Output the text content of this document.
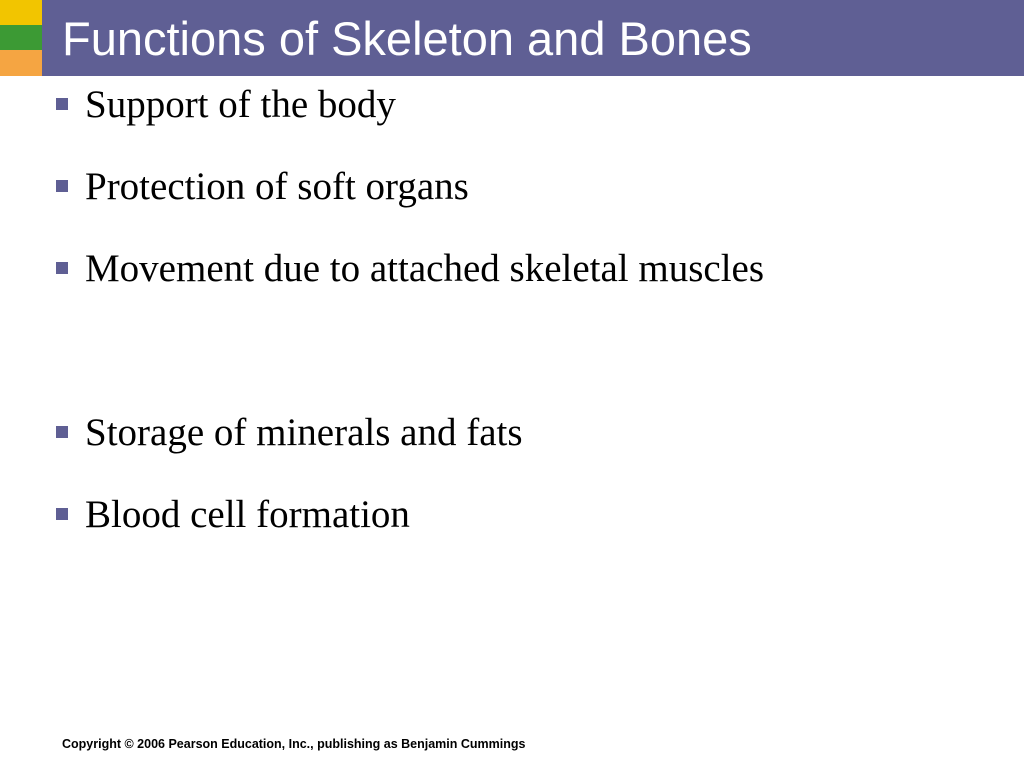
Functions of Skeleton and Bones
Support of the body
Protection of soft organs
Movement due to attached skeletal muscles
Storage of minerals and fats
Blood cell formation
Copyright © 2006 Pearson Education, Inc., publishing as Benjamin Cummings
